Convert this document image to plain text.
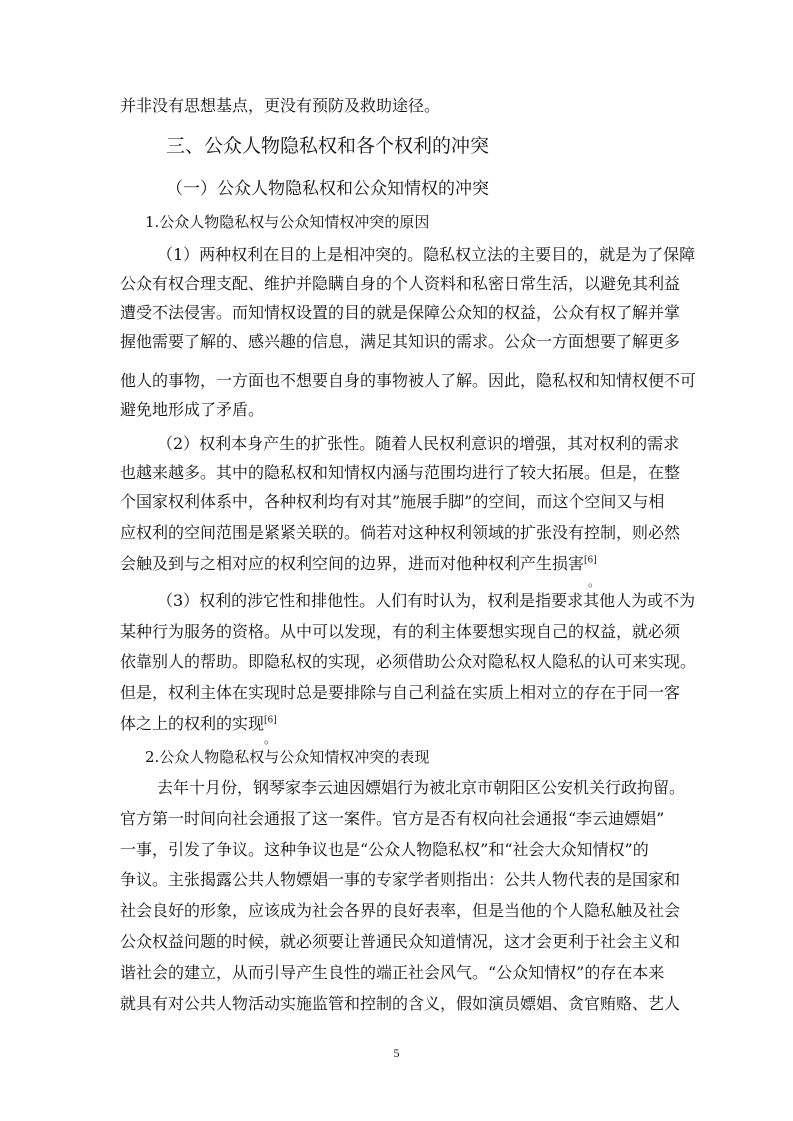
并非没有思想基点，更没有预防及救助途径。
三、公众人物隐私权和各个权利的冲突
（一）公众人物隐私权和公众知情权的冲突
1.公众人物隐私权与公众知情权冲突的原因
（1）两种权利在目的上是相冲突的。隐私权立法的主要目的，就是为了保障
公众有权合理支配、维护并隐瞒自身的个人资料和私密日常生活，以避免其利益
遭受不法侵害。而知情权设置的目的就是保障公众知的权益，公众有权了解并掌
握他需要了解的、感兴趣的信息，满足其知识的需求。公众一方面想要了解更多
他人的事物，一方面也不想要自身的事物被人了解。因此，隐私权和知情权便不可
避免地形成了矛盾。
（2）权利本身产生的扩张性。随着人民权利意识的增强，其对权利的需求
也越来越多。其中的隐私权和知情权内涵与范围均进行了较大拓展。但是，在整
个国家权利体系中，各种权利均有对其”施展手脚”的空间，而这个空间又与相
应权利的空间范围是紧紧关联的。倘若对这种权利领域的扩张没有控制，则必然
会触及到与之相对应的权利空间的边界，进而对他种权利产生损害[6]
。
（3）权利的涉它性和排他性。人们有时认为，权利是指要求其他人为或不为
某种行为服务的资格。从中可以发现，有的利主体要想实现自己的权益，就必须
依靠别人的帮助。即隐私权的实现，必须借助公众对隐私权人隐私的认可来实现。
但是，权利主体在实现时总是要排除与自己利益在实质上相对立的存在于同一客
体之上的权利的实现[6]
。
2.公众人物隐私权与公众知情权冲突的表现
去年十月份，钢琴家李云迪因嫖娼行为被北京市朝阳区公安机关行政拘留。
官方第一时间向社会通报了这一案件。官方是否有权向社会通报“李云迪嫖娼”
一事，引发了争议。这种争议也是“公众人物隐私权”和“社会大众知情权”的
争议。主张揭露公共人物嫖娼一事的专家学者则指出：公共人物代表的是国家和
社会良好的形象，应该成为社会各界的良好表率，但是当他的个人隐私触及社会
公众权益问题的时候，就必须要让普通民众知道情况，这才会更利于社会主义和
谐社会的建立，从而引导产生良性的端正社会风气。“公众知情权”的存在本来
就具有对公共人物活动实施监管和控制的含义，假如演员嫖娼、贪官贿赂、艺人
5
